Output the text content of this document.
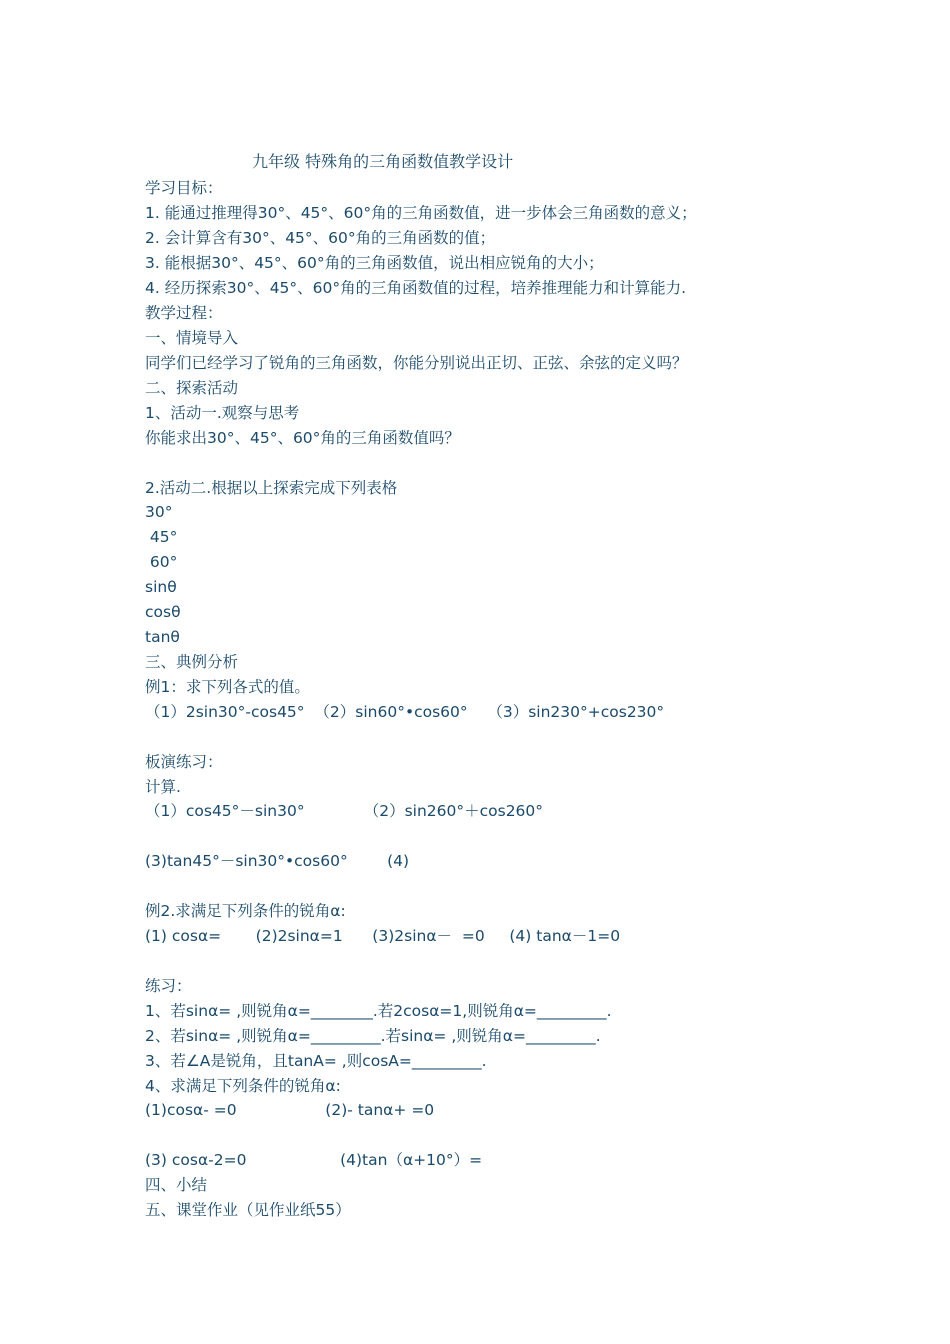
九年级 特殊角的三角函数值教学设计
学习目标：
1. 能通过推理得30°、45°、60°角的三角函数值，进一步体会三角函数的意义；
2. 会计算含有30°、45°、60°角的三角函数的值；
3. 能根据30°、45°、60°角的三角函数值，说出相应锐角的大小；
4. 经历探索30°、45°、60°角的三角函数值的过程，培养推理能力和计算能力.
教学过程：
一、情境导入
同学们已经学习了锐角的三角函数，你能分别说出正切、正弦、余弦的定义吗？
二、探索活动
1、活动一.观察与思考
你能求出30°、45°、60°角的三角函数值吗？
2.活动二.根据以上探索完成下列表格
30°
45°
60°
sinθ
cosθ
tanθ
三、典例分析
例1：求下列各式的值。
（1）2sin30°-cos45°  （2）sin60°•cos60°    （3）sin230°+cos230°
板演练习：
计算.
（1）cos45°－sin30°            （2）sin260°＋cos260°
(3)tan45°－sin30°•cos60°        (4)
例2.求满足下列条件的锐角α:
(1) cosα=       (2)2sinα=1      (3)2sinα－  =0     (4) tanα－1=0
练习：
1、若sinα= ,则锐角α=________.若2cosα=1,则锐角α=_________.
2、若sinα= ,则锐角α=_________.若sinα= ,则锐角α=_________.
3、若∠A是锐角，且tanA= ,则cosA=_________.
4、求满足下列条件的锐角α:
(1)cosα- =0                  (2)- tanα+ =0
(3) cosα-2=0                   (4)tan（α+10°）=
四、小结
五、课堂作业（见作业纸55）
